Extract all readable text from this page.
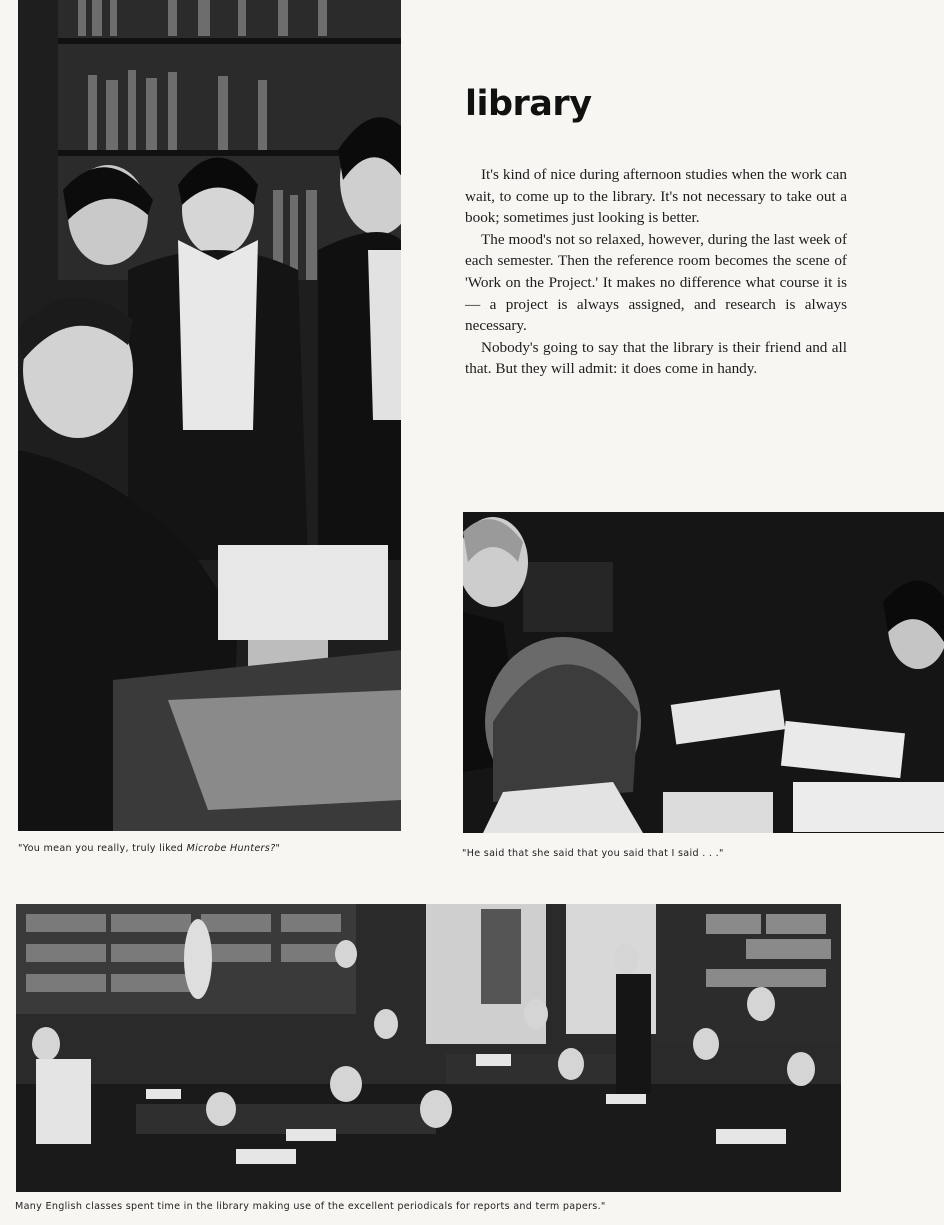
library

It's kind of nice during afternoon studies when the work can wait, to come up to the library. It's not necessary to take out a book; sometimes just looking is better.

The mood's not so relaxed, however, during the last week of each semester. Then the reference room becomes the scene of 'Work on the Project.' It makes no difference what course it is — a project is always assigned, and research is always necessary.

Nobody's going to say that the library is their friend and all that. But they will admit: it does come in handy.

"You mean you really, truly liked Microbe Hunters?"	"He said that she said that you said that I said . . ."
Many English classes spent time in the library making use of the excellent periodicals for reports and term papers."
